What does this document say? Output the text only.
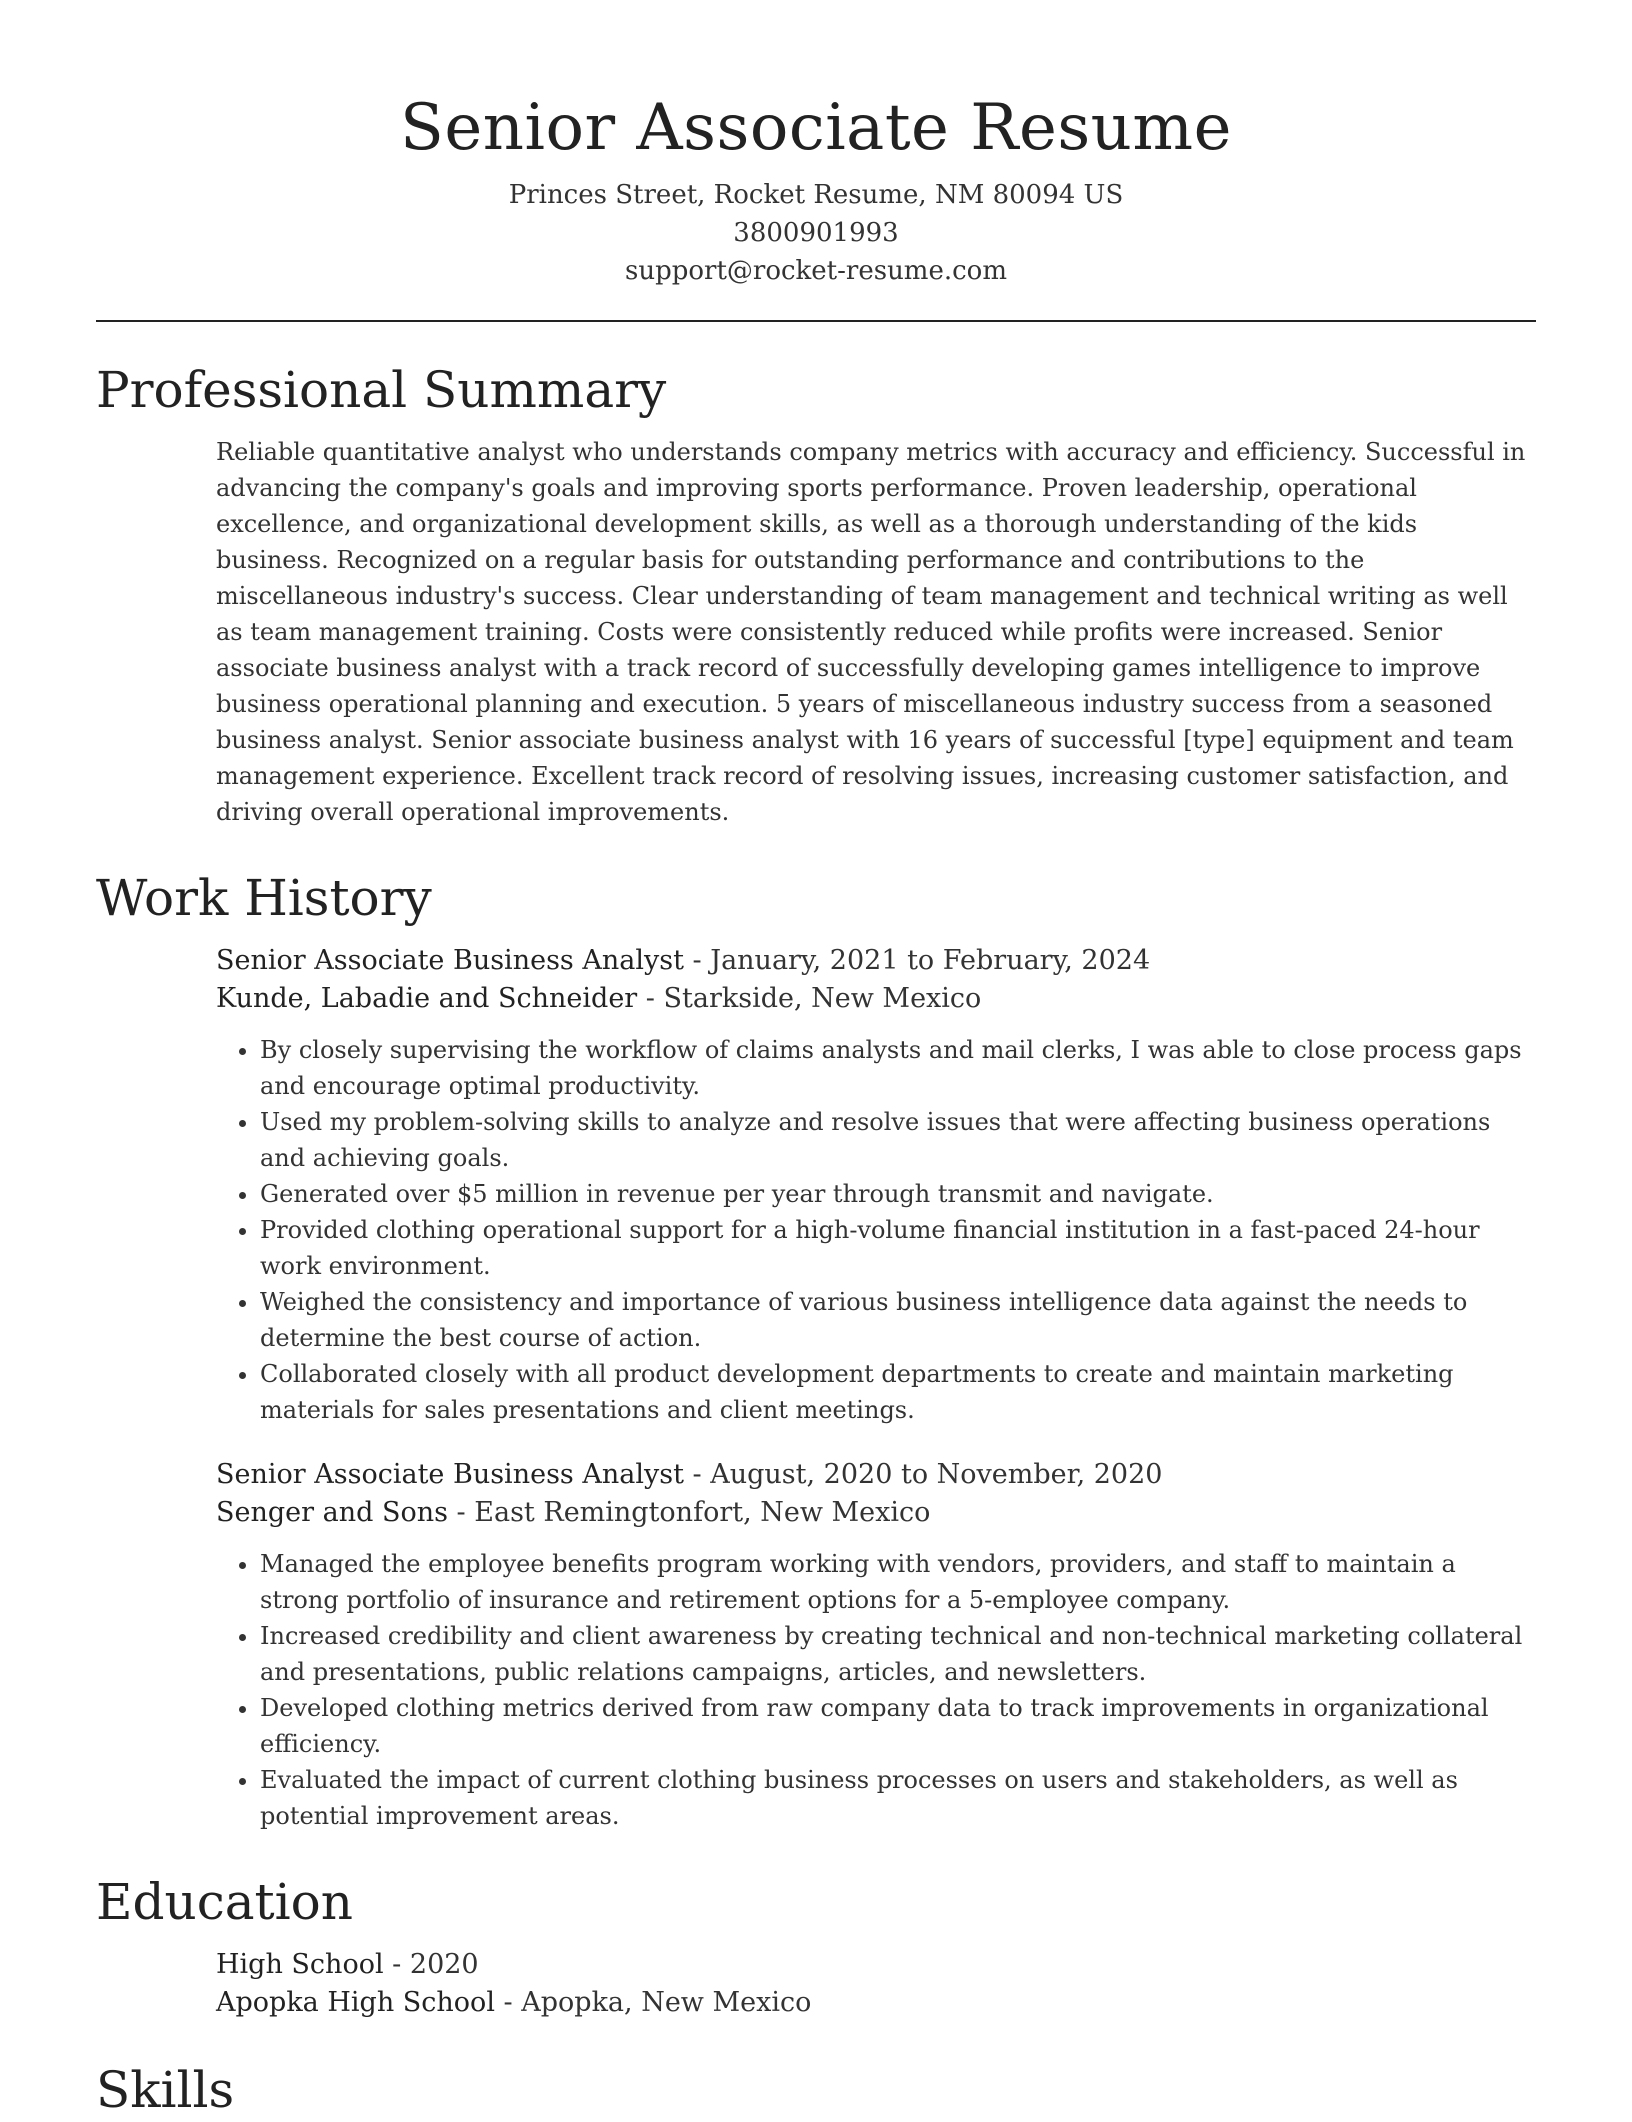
Senior Associate Resume
Princes Street, Rocket Resume, NM 80094 US
3800901993
support@rocket-resume.com
Professional Summary

Reliable quantitative analyst who understands company metrics with accuracy and efficiency. Successful in advancing the company's goals and improving sports performance. Proven leadership, operational excellence, and organizational development skills, as well as a thorough understanding of the kids business. Recognized on a regular basis for outstanding performance and contributions to the miscellaneous industry's success. Clear understanding of team management and technical writing as well as team management training. Costs were consistently reduced while profits were increased. Senior associate business analyst with a track record of successfully developing games intelligence to improve business operational planning and execution. 5 years of miscellaneous industry success from a seasoned business analyst. Senior associate business analyst with 16 years of successful [type] equipment and team management experience. Excellent track record of resolving issues, increasing customer satisfaction, and driving overall operational improvements.

Work History
Senior Associate Business Analyst - January, 2021 to February, 2024
Kunde, Labadie and Schneider - Starkside, New Mexico
• By closely supervising the workflow of claims analysts and mail clerks, I was able to close process gaps and encourage optimal productivity.
• Used my problem-solving skills to analyze and resolve issues that were affecting business operations and achieving goals.
• Generated over $5 million in revenue per year through transmit and navigate.
• Provided clothing operational support for a high-volume financial institution in a fast-paced 24-hour work environment.
• Weighed the consistency and importance of various business intelligence data against the needs to determine the best course of action.
• Collaborated closely with all product development departments to create and maintain marketing materials for sales presentations and client meetings.
Senior Associate Business Analyst - August, 2020 to November, 2020
Senger and Sons - East Remingtonfort, New Mexico
• Managed the employee benefits program working with vendors, providers, and staff to maintain a strong portfolio of insurance and retirement options for a 5-employee company.
• Increased credibility and client awareness by creating technical and non-technical marketing collateral and presentations, public relations campaigns, articles, and newsletters.
• Developed clothing metrics derived from raw company data to track improvements in organizational efficiency.
• Evaluated the impact of current clothing business processes on users and stakeholders, as well as potential improvement areas.
Education
High School - 2020
Apopka High School - Apopka, New Mexico
Skills
